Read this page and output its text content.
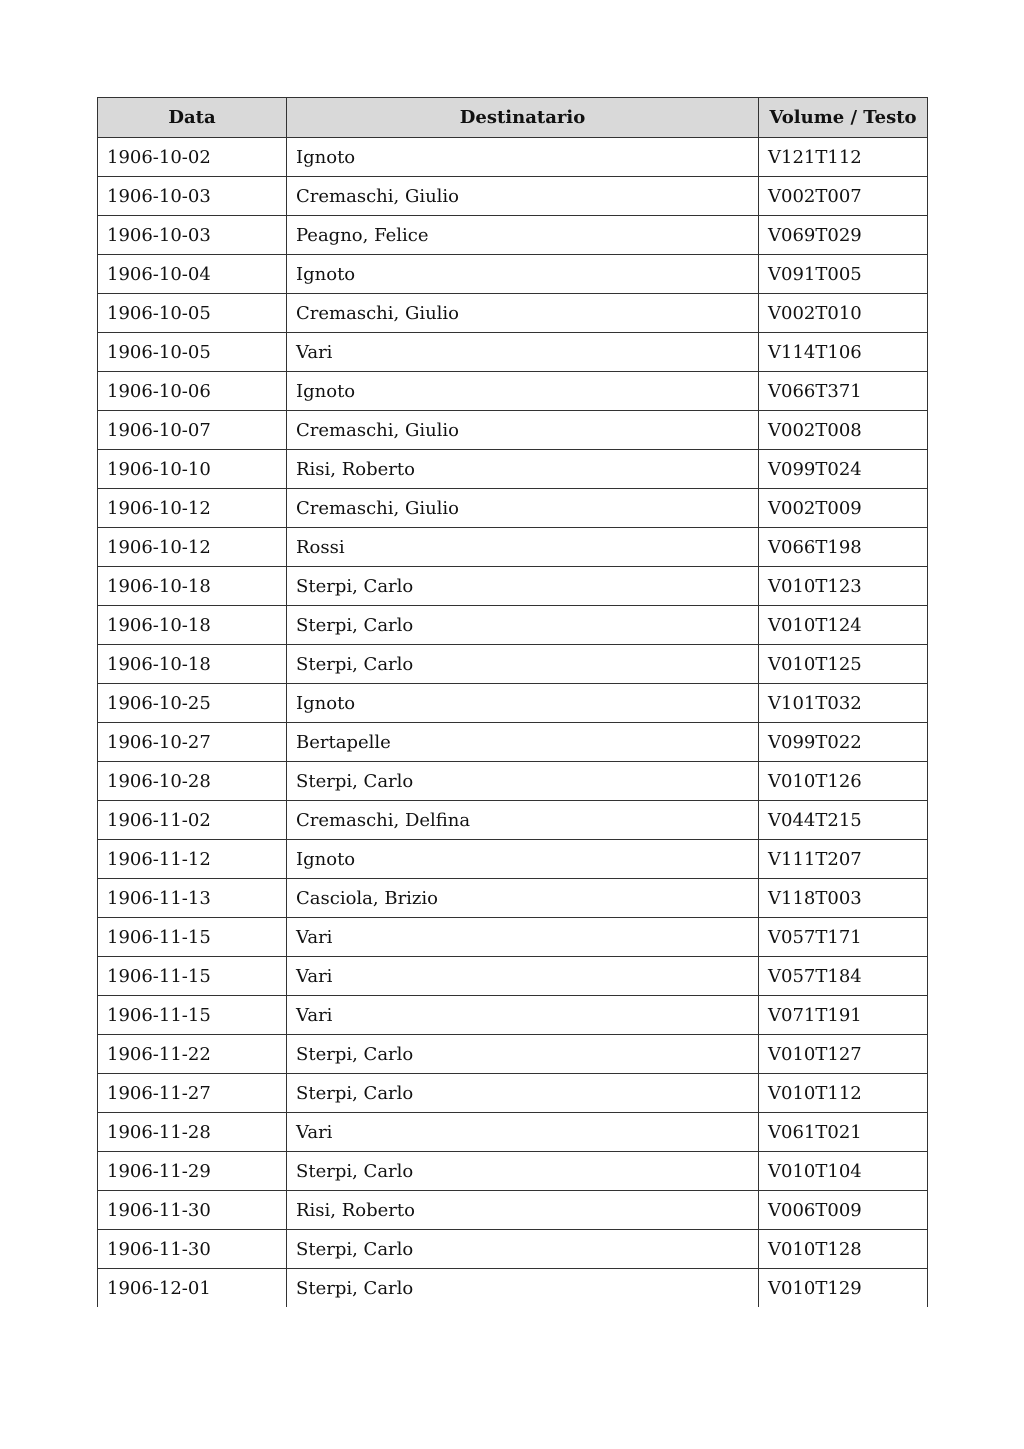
Data	Destinatario	Volume / Testo
1906-10-02	Ignoto	V121T112
1906-10-03	Cremaschi, Giulio	V002T007
1906-10-03	Peagno, Felice	V069T029
1906-10-04	Ignoto	V091T005
1906-10-05	Cremaschi, Giulio	V002T010
1906-10-05	Vari	V114T106
1906-10-06	Ignoto	V066T371
1906-10-07	Cremaschi, Giulio	V002T008
1906-10-10	Risi, Roberto	V099T024
1906-10-12	Cremaschi, Giulio	V002T009
1906-10-12	Rossi	V066T198
1906-10-18	Sterpi, Carlo	V010T123
1906-10-18	Sterpi, Carlo	V010T124
1906-10-18	Sterpi, Carlo	V010T125
1906-10-25	Ignoto	V101T032
1906-10-27	Bertapelle	V099T022
1906-10-28	Sterpi, Carlo	V010T126
1906-11-02	Cremaschi, Delfina	V044T215
1906-11-12	Ignoto	V111T207
1906-11-13	Casciola, Brizio	V118T003
1906-11-15	Vari	V057T171
1906-11-15	Vari	V057T184
1906-11-15	Vari	V071T191
1906-11-22	Sterpi, Carlo	V010T127
1906-11-27	Sterpi, Carlo	V010T112
1906-11-28	Vari	V061T021
1906-11-29	Sterpi, Carlo	V010T104
1906-11-30	Risi, Roberto	V006T009
1906-11-30	Sterpi, Carlo	V010T128
1906-12-01	Sterpi, Carlo	V010T129
